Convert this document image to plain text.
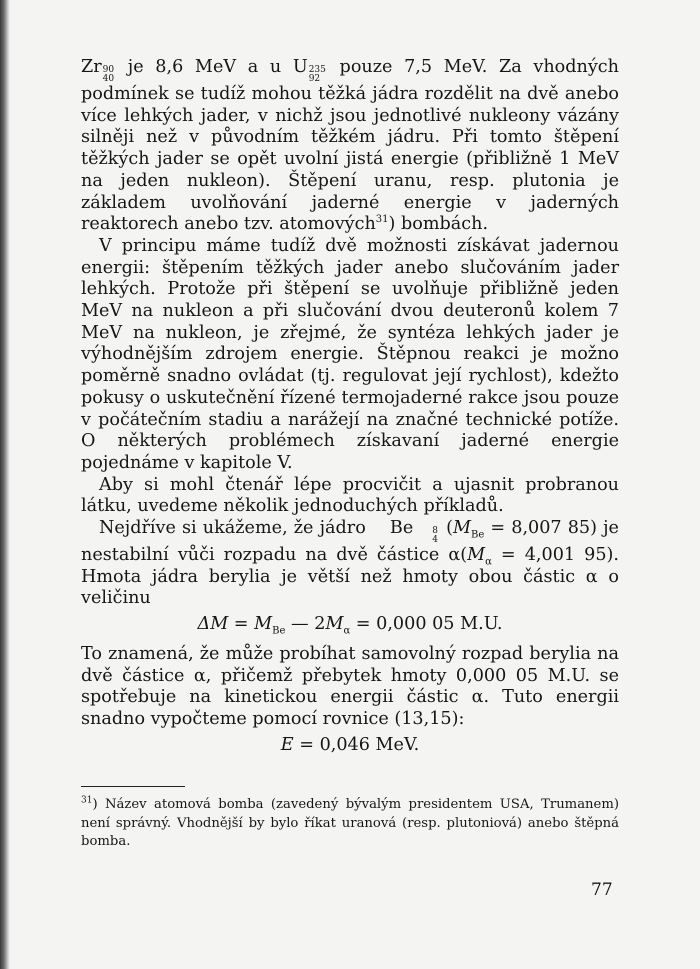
Zr 90
40
je 8,6 MeV a u U 235
92
pouze 7,5 MeV. Za vhodných podmínek se tudíž mohou těžká jádra rozdělit na dvě anebo více lehkých jader, v nichž jsou jednotlivé nukleony vázány silněji než v původním těžkém jádru. Při tomto štěpení těžkých jader se opět uvolní jistá energie (přibližně 1 MeV na jeden nukleon). Štěpení uranu, resp. plutonia je základem uvolňování jaderné energie v jaderných reaktorech anebo tzv. atomových$^{31}$) bombách.

V principu máme tudíž dvě možnosti získávat jadernou energii: štěpením těžkých jader anebo slučováním jader lehkých. Protože při štěpení se uvolňuje přibližně jeden MeV na nukleon a při slučování dvou deuteronů kolem 7 MeV na nukleon, je zřejmé, že syntéza lehkých jader je výhodnějším zdrojem energie. Štěpnou reakci je možno poměrně snadno ovládat (tj. regulovat její rychlost), kdežto pokusy o uskutečnění řízené termojaderné rakce jsou pouze v počátečním stadiu a narážejí na značné technické potíže. O některých problémech získavaní jaderné energie pojednáme v kapitole V.

Aby si mohl čtenář lépe procvičit a ujasnit probranou látku, uvedeme několik jednoduchých příkladů.

Nejdříve si ukážeme, že jádro	Be	8
4
($M_{Be} = 8,007$ 85) je nestabilní vůči rozpadu na dvě částice $\alpha(M_\alpha = 4,001$ 95). Hmota jádra berylia je větší než hmoty obou částic α o veličinu

$\Delta M = M_{Be}$ — $2M_\alpha = 0,000$ 05 M.U.

To znamená, že může probíhat samovolný rozpad berylia na dvě částice α, přičemž přebytek hmoty 0,000 05 M.U. se spotřebuje na kinetickou energii částic α. Tuto energii snadno vypočteme pomocí rovnice (13,15):

E = 0,046 MeV.
$^{31}$) Název atomová bomba (zavedený bývalým presidentem USA, Trumanem) není správný. Vhodnější by bylo říkat uranová (resp. plutoniová) anebo štěpná bomba.
77
